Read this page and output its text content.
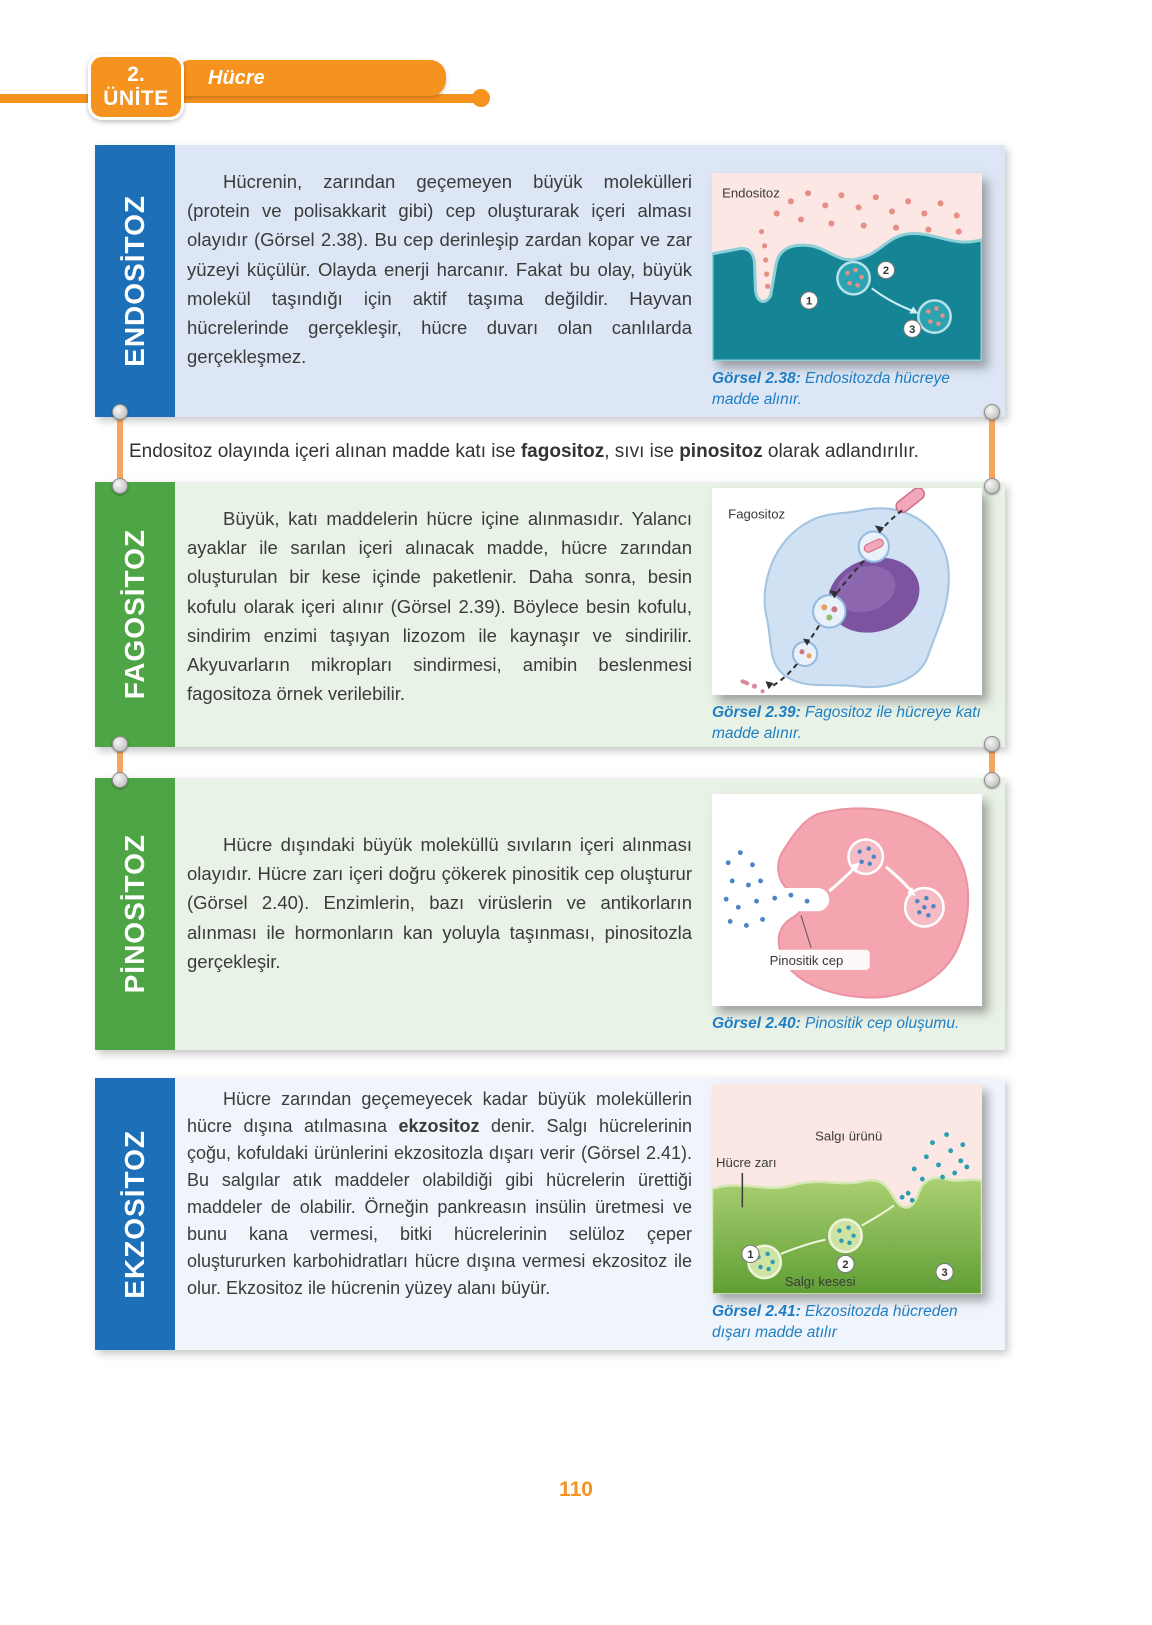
2.
ÜNİTE
Hücre
ENDOSİTOZ

Hücrenin, zarından geçemeyen büyük molekülleri (protein ve polisakkarit gibi) cep oluşturarak içeri alması olayıdır (Görsel 2.38). Bu cep derinleşip zardan kopar ve zar yüzeyi küçülür. Olayda enerji harcanır. Fakat bu olay, büyük molekül taşındığı için aktif taşıma değildir. Hayvan hücrelerinde gerçekleşir, hücre duvarı olan canlılarda gerçekleşmez.

1
2
3
Endositoz
Görsel 2.38: Endositozda hücreye madde alınır.
Endositoz olayında içeri alınan madde katı ise fagositoz, sıvı ise pinositoz olarak adlandırılır.
FAGOSİTOZ

Büyük, katı maddelerin hücre içine alınmasıdır. Yalancı ayaklar ile sarılan içeri alınacak madde, hücre zarından oluşturulan bir kese içinde paketlenir. Daha sonra, besin kofulu olarak içeri alınır (Görsel 2.39). Böylece besin kofulu, sindirim enzimi taşıyan lizozom ile kaynaşır ve sindirilir. Akyuvarların mikropları sindirmesi, amibin beslenmesi fagositoza örnek verilebilir.

Fagositoz
Görsel 2.39: Fagositoz ile hücreye katı madde alınır.
PİNOSİTOZ	Hücre dışındaki büyük moleküllü sıvıların içeri alınması olayıdır. Hücre zarı içeri doğru çökerek pinositik cep oluşturur (Görsel 2.40). Enzimlerin, bazı virüslerin ve antikorların alınması ile hormonların kan yoluyla taşınması, pinositozla gerçekleşir.	Pinositik cep
Görsel 2.40: Pinositik cep oluşumu.
EKZOSİTOZ

Hücre zarından geçemeyecek kadar büyük moleküllerin hücre dışına atılmasına ekzositoz denir. Salgı hücrelerinin çoğu, kofuldaki ürünlerini ekzositozla dışarı verir (Görsel 2.41). Bu salgılar atık maddeler olabildiği gibi hücrelerin ürettiği maddeler de olabilir. Örneğin pankreasın insülin üretmesi ve bunu kana vermesi, bitki hücrelerinin selüloz çeper oluştururken karbohidratları hücre dışına vermesi ekzositoz ile olur. Ekzositoz ile hücrenin yüzey alanı büyür.

Salgı ürünü
Hücre zarı
Salgı kesesi
1
2
3
Görsel 2.41: Ekzositozda hücreden dışarı madde atılır
110
